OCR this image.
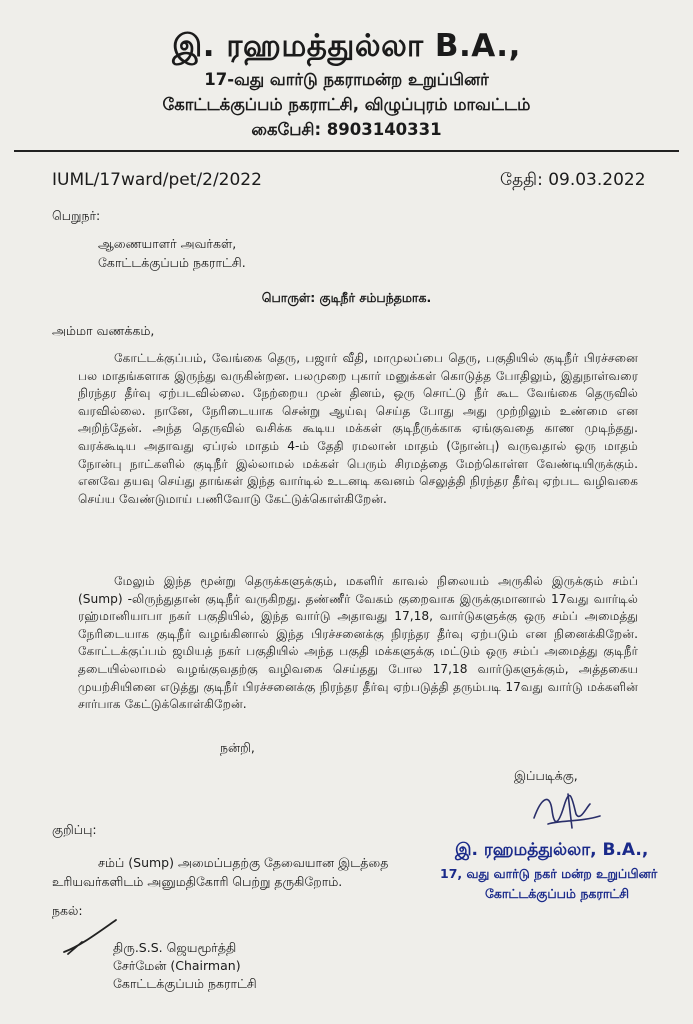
இ. ரஹமத்துல்லா B.A.,
17-வது வார்டு நகராமன்ற உறுப்பினர்
கோட்டக்குப்பம் நகராட்சி, விழுப்புரம் மாவட்டம்
கைபேசி: 8903140331
IUML/17ward/pet/2/2022	தேதி: 09.03.2022
பெறுநர்:
ஆணையாளர் அவர்கள்,
கோட்டக்குப்பம் நகராட்சி.
பொருள்: குடிநீர் சம்பந்தமாக.
அம்மா வணக்கம்,
கோட்டக்குப்பம், வேங்கை தெரு, பஜார் வீதி, மாமுலப்பை தெரு, பகுதியில் குடிநீர் பிரச்சனை பல மாதங்களாக இருந்து வருகின்றன. பலமுறை புகார் மனுக்கள் கொடுத்த போதிலும், இதுநாள்வரை நிரந்தர தீர்வு ஏற்படவில்லை. நேற்றைய முன் தினம், ஒரு சொட்டு நீர் கூட வேங்கை தெருவில் வரவில்லை. நானே, நேரிடையாக சென்று ஆய்வு செய்த போது அது முற்றிலும் உண்மை என அறிந்தேன். அந்த தெருவில் வசிக்க கூடிய மக்கள் குடிநீருக்காக ஏங்குவதை காண முடிந்தது. வரக்கூடிய அதாவது ஏப்ரல் மாதம் 4-ம் தேதி ரமலான் மாதம் (நோன்பு) வருவதால் ஒரு மாதம் நோன்பு நாட்களில் குடிநீர் இல்லாமல் மக்கள் பெரும் சிரமத்தை மேற்கொள்ள வேண்டியிருக்கும். எனவே தயவு செய்து தாங்கள் இந்த வார்டில் உடனடி கவனம் செலுத்தி நிரந்தர தீர்வு ஏற்பட வழிவகை செய்ய வேண்டுமாய் பணிவோடு கேட்டுக்கொள்கிறேன்.
மேலும் இந்த மூன்று தெருக்களுக்கும், மகளிர் காவல் நிலையம் அருகில் இருக்கும் சம்ப் (Sump) -லிருந்துதான் குடிநீர் வருகிறது. தண்ணீர் வேகம் குறைவாக இருக்குமானால் 17வது வார்டில் ரஹ்மானியாபா நகர் பகுதியில், இந்த வார்டு அதாவது 17,18, வார்டுகளுக்கு ஒரு சம்ப் அமைத்து நேரிடையாக குடிநீர் வழங்கினால் இந்த பிரச்சனைக்கு நிரந்தர தீர்வு ஏற்படும் என நினைக்கிறேன். கோட்டக்குப்பம் ஜமியத் நகர் பகுதியில் அந்த பகுதி மக்களுக்கு மட்டும் ஒரு சம்ப் அமைத்து குடிநீர் தடையில்லாமல் வழங்குவதற்கு வழிவகை செய்தது போல 17,18 வார்டுகளுக்கும், அத்தகைய முயற்சியினை எடுத்து குடிநீர் பிரச்சனைக்கு நிரந்தர தீர்வு ஏற்படுத்தி தரும்படி 17வது வார்டு மக்களின் சார்பாக கேட்டுக்கொள்கிறேன்.
நன்றி,
இப்படிக்கு,
குறிப்பு:
சம்ப் (Sump) அமைப்பதற்கு தேவையான இடத்தை
உரியவர்களிடம் அனுமதிகோரி பெற்று தருகிறோம்.
இ. ரஹமத்துல்லா, B.A.,
17, வது வார்டு நகர் மன்ற உறுப்பினர்
கோட்டக்குப்பம் நகராட்சி
நகல்:
திரு.S.S. ஜெயமூர்த்தி
சேர்மேன் (Chairman)
கோட்டக்குப்பம் நகராட்சி
